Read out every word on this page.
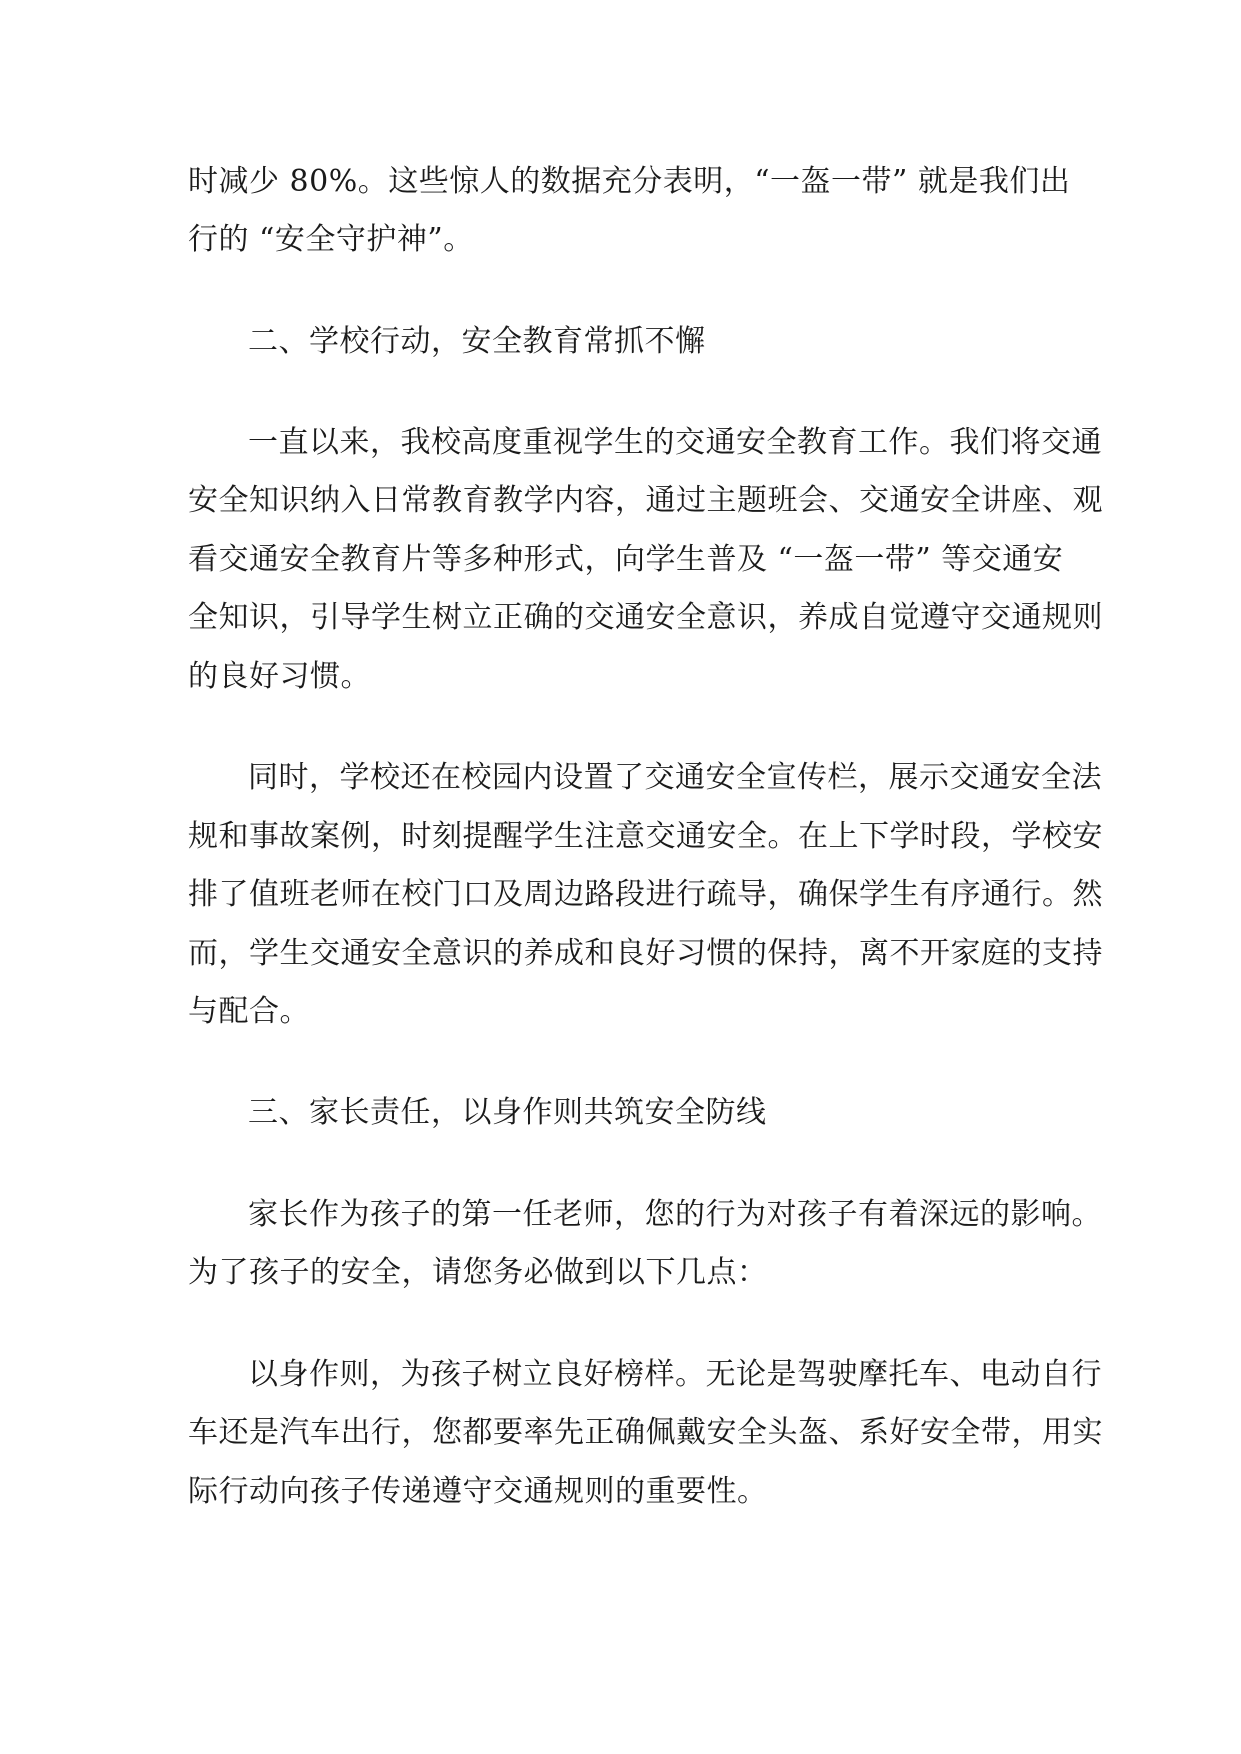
时减少 80%。这些惊人的数据充分表明，“一盔一带” 就是我们出
行的 “安全守护神”。
二、学校行动，安全教育常抓不懈
一直以来，我校高度重视学生的交通安全教育工作。我们将交通
安全知识纳入日常教育教学内容，通过主题班会、交通安全讲座、观
看交通安全教育片等多种形式，向学生普及 “一盔一带” 等交通安
全知识，引导学生树立正确的交通安全意识，养成自觉遵守交通规则
的良好习惯。
同时，学校还在校园内设置了交通安全宣传栏，展示交通安全法
规和事故案例，时刻提醒学生注意交通安全。在上下学时段，学校安
排了值班老师在校门口及周边路段进行疏导，确保学生有序通行。然
而，学生交通安全意识的养成和良好习惯的保持，离不开家庭的支持
与配合。
三、家长责任，以身作则共筑安全防线
家长作为孩子的第一任老师，您的行为对孩子有着深远的影响。
为了孩子的安全，请您务必做到以下几点：
以身作则，为孩子树立良好榜样。无论是驾驶摩托车、电动自行
车还是汽车出行，您都要率先正确佩戴安全头盔、系好安全带，用实
际行动向孩子传递遵守交通规则的重要性。
